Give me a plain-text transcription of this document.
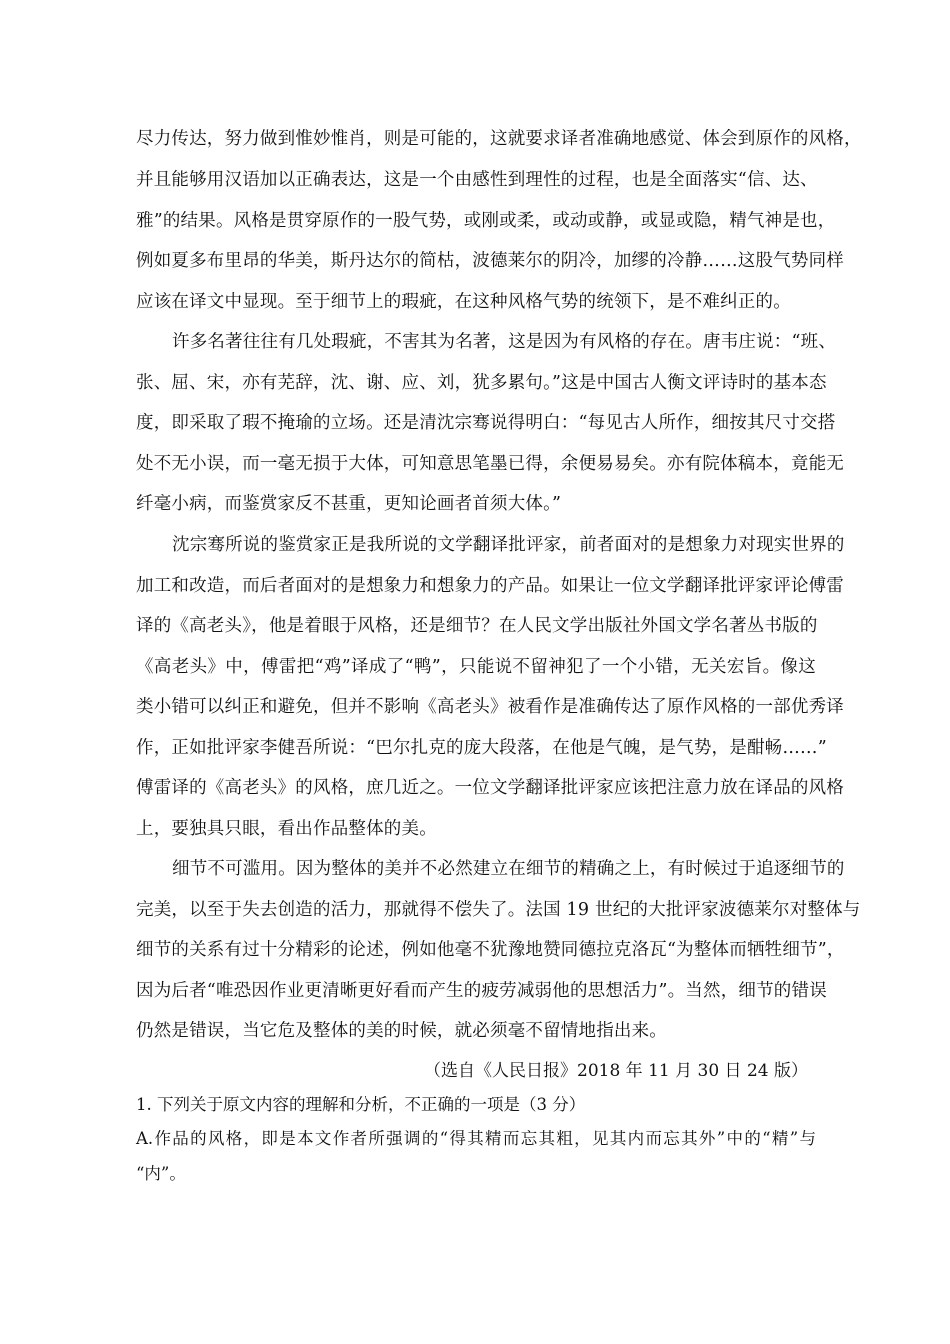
尽力传达，努力做到惟妙惟肖，则是可能的，这就要求译者准确地感觉、体会到原作的风格，
并且能够用汉语加以正确表达，这是一个由感性到理性的过程，也是全面落实“信、达、
雅”的结果。风格是贯穿原作的一股气势，或刚或柔，或动或静，或显或隐，精气神是也，
例如夏多布里昂的华美，斯丹达尔的简枯，波德莱尔的阴冷，加缪的冷静……这股气势同样
应该在译文中显现。至于细节上的瑕疵，在这种风格气势的统领下，是不难纠正的。
许多名著往往有几处瑕疵，不害其为名著，这是因为有风格的存在。唐韦庄说：“班、
张、屈、宋，亦有芜辞，沈、谢、应、刘，犹多累句。”这是中国古人衡文评诗时的基本态
度，即采取了瑕不掩瑜的立场。还是清沈宗骞说得明白：“每见古人所作，细按其尺寸交搭
处不无小误，而一毫无损于大体，可知意思笔墨已得，余便易易矣。亦有院体稿本，竟能无
纤毫小病，而鉴赏家反不甚重，更知论画者首须大体。”
沈宗骞所说的鉴赏家正是我所说的文学翻译批评家，前者面对的是想象力对现实世界的
加工和改造，而后者面对的是想象力和想象力的产品。如果让一位文学翻译批评家评论傅雷
译的《高老头》，他是着眼于风格，还是细节？在人民文学出版社外国文学名著丛书版的
《高老头》中，傅雷把“鸡”译成了“鸭”，只能说不留神犯了一个小错，无关宏旨。像这
类小错可以纠正和避免，但并不影响《高老头》被看作是准确传达了原作风格的一部优秀译
作，正如批评家李健吾所说：“巴尔扎克的庞大段落，在他是气魄，是气势，是酣畅……”
傅雷译的《高老头》的风格，庶几近之。一位文学翻译批评家应该把注意力放在译品的风格
上，要独具只眼，看出作品整体的美。
细节不可滥用。因为整体的美并不必然建立在细节的精确之上，有时候过于追逐细节的
完美，以至于失去创造的活力，那就得不偿失了。法国 19 世纪的大批评家波德莱尔对整体与
细节的关系有过十分精彩的论述，例如他毫不犹豫地赞同德拉克洛瓦“为整体而牺牲细节”，
因为后者“唯恐因作业更清晰更好看而产生的疲劳减弱他的思想活力”。当然，细节的错误
仍然是错误，当它危及整体的美的时候，就必须毫不留情地指出来。
（选自《人民日报》2018 年 11 月 30 日 24 版）
1. 下列关于原文内容的理解和分析，不正确的一项是（3 分）
A.作品的风格，即是本文作者所强调的“得其精而忘其粗，见其内而忘其外”中的“精”与
“内”。
